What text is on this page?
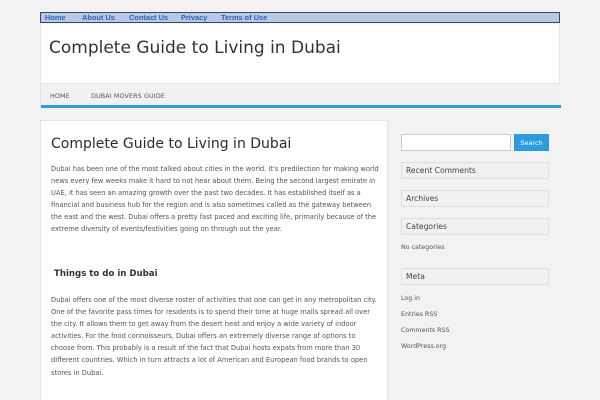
Home About Us Contact Us Privacy Terms of Use
Complete Guide to Living in Dubai
HOME	DUBAI MOVERS GUIDE
Complete Guide to Living in Dubai

Dubai has been one of the most talked about cities in the world. It's predilection for making world news every few weeks make it hard to not hear about them. Being the second largest emirate in UAE, it has seen an amazing growth over the past two decades. It has established itself as a financial and business hub for the region and is also sometimes called as the gateway between the east and the west. Dubai offers a pretty fast paced and exciting life, primarily because of the extreme diversity of events/festivities going on through out the year.

Things to do in Dubai

Dubai offers one of the most diverse roster of activities that one can get in any metropolitan city. One of the favorite pass times for residents is to spend their time at huge malls spread all over the city. It allows them to get away from the desert heat and enjoy a wide variety of indoor activities. For the food connoisseurs, Dubai offers an extremely diverse range of options to choose from. This probably is a result of the fact that Dubai hosts expats from more than 30 different countries. Which in turn attracts a lot of American and European food brands to open stores in Dubai.

Search
Recent Comments
Archives
Categories
No categories
Meta
Log in
Entries RSS
Comments RSS
WordPress.org
